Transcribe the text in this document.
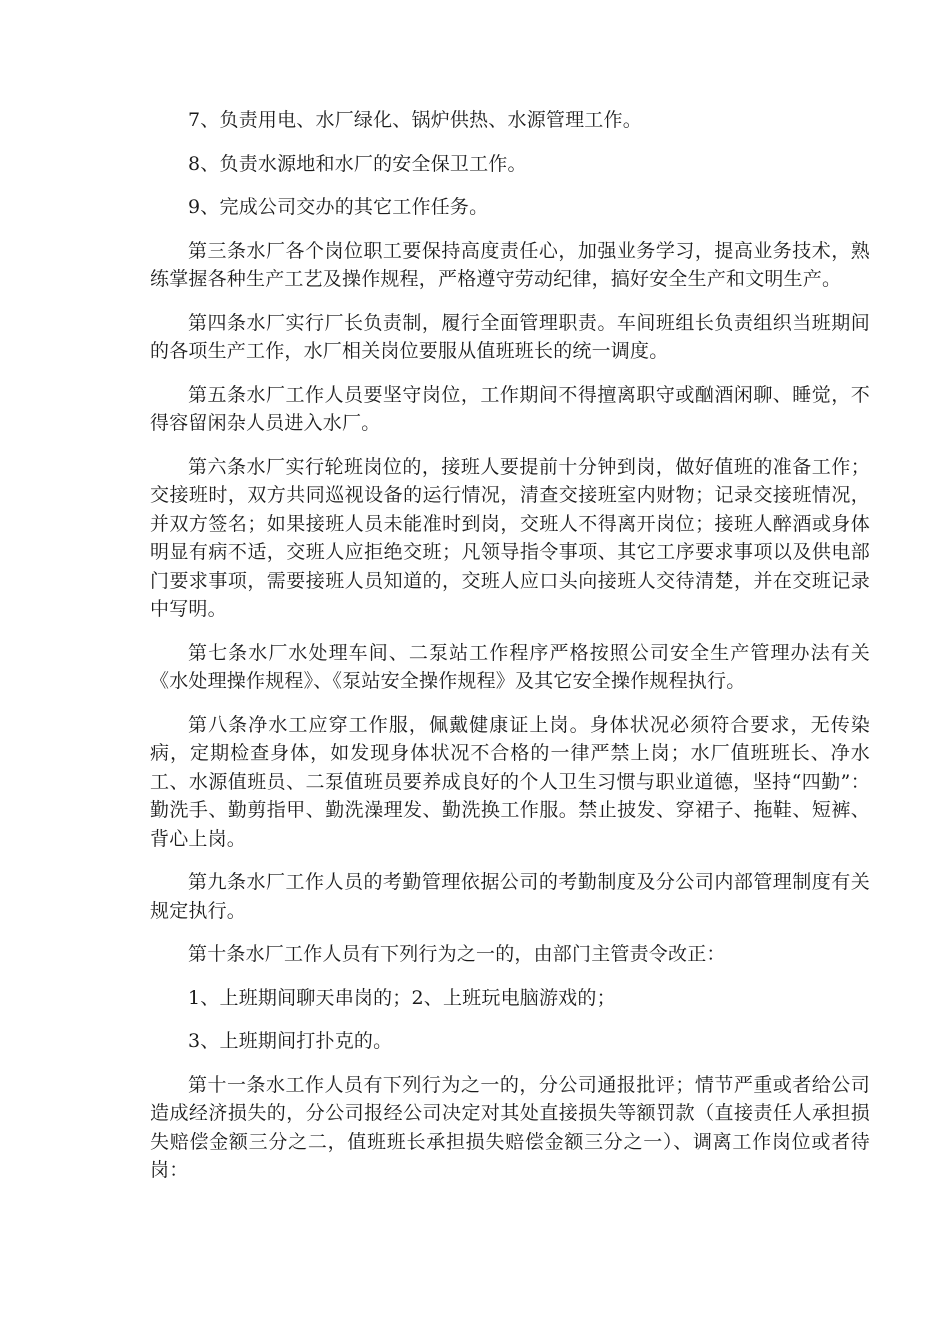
7、负责用电、水厂绿化、锅炉供热、水源管理工作。

8、负责水源地和水厂的安全保卫工作。

9、完成公司交办的其它工作任务。

第三条水厂各个岗位职工要保持高度责任心，加强业务学习，提高业务技术，熟练掌握各种生产工艺及操作规程，严格遵守劳动纪律，搞好安全生产和文明生产。

第四条水厂实行厂长负责制，履行全面管理职责。车间班组长负责组织当班期间的各项生产工作，水厂相关岗位要服从值班班长的统一调度。

第五条水厂工作人员要坚守岗位，工作期间不得擅离职守或酗酒闲聊、睡觉，不得容留闲杂人员进入水厂。

第六条水厂实行轮班岗位的，接班人要提前十分钟到岗，做好值班的准备工作；交接班时，双方共同巡视设备的运行情况，清查交接班室内财物；记录交接班情况，并双方签名；如果接班人员未能准时到岗，交班人不得离开岗位；接班人醉酒或身体明显有病不适，交班人应拒绝交班；凡领导指令事项、其它工序要求事项以及供电部门要求事项，需要接班人员知道的，交班人应口头向接班人交待清楚，并在交班记录中写明。

第七条水厂水处理车间、二泵站工作程序严格按照公司安全生产管理办法有关《水处理操作规程》、《泵站安全操作规程》及其它安全操作规程执行。

第八条净水工应穿工作服，佩戴健康证上岗。身体状况必须符合要求，无传染病，定期检查身体，如发现身体状况不合格的一律严禁上岗；水厂值班班长、净水工、水源值班员、二泵值班员要养成良好的个人卫生习惯与职业道德，坚持“四勤”：勤洗手、勤剪指甲、勤洗澡理发、勤洗换工作服。禁止披发、穿裙子、拖鞋、短裤、背心上岗。

第九条水厂工作人员的考勤管理依据公司的考勤制度及分公司内部管理制度有关规定执行。

第十条水厂工作人员有下列行为之一的，由部门主管责令改正：

1、上班期间聊天串岗的；2、上班玩电脑游戏的；

3、上班期间打扑克的。

第十一条水工作人员有下列行为之一的，分公司通报批评；情节严重或者给公司造成经济损失的，分公司报经公司决定对其处直接损失等额罚款（直接责任人承担损失赔偿金额三分之二，值班班长承担损失赔偿金额三分之一）、调离工作岗位或者待岗：
